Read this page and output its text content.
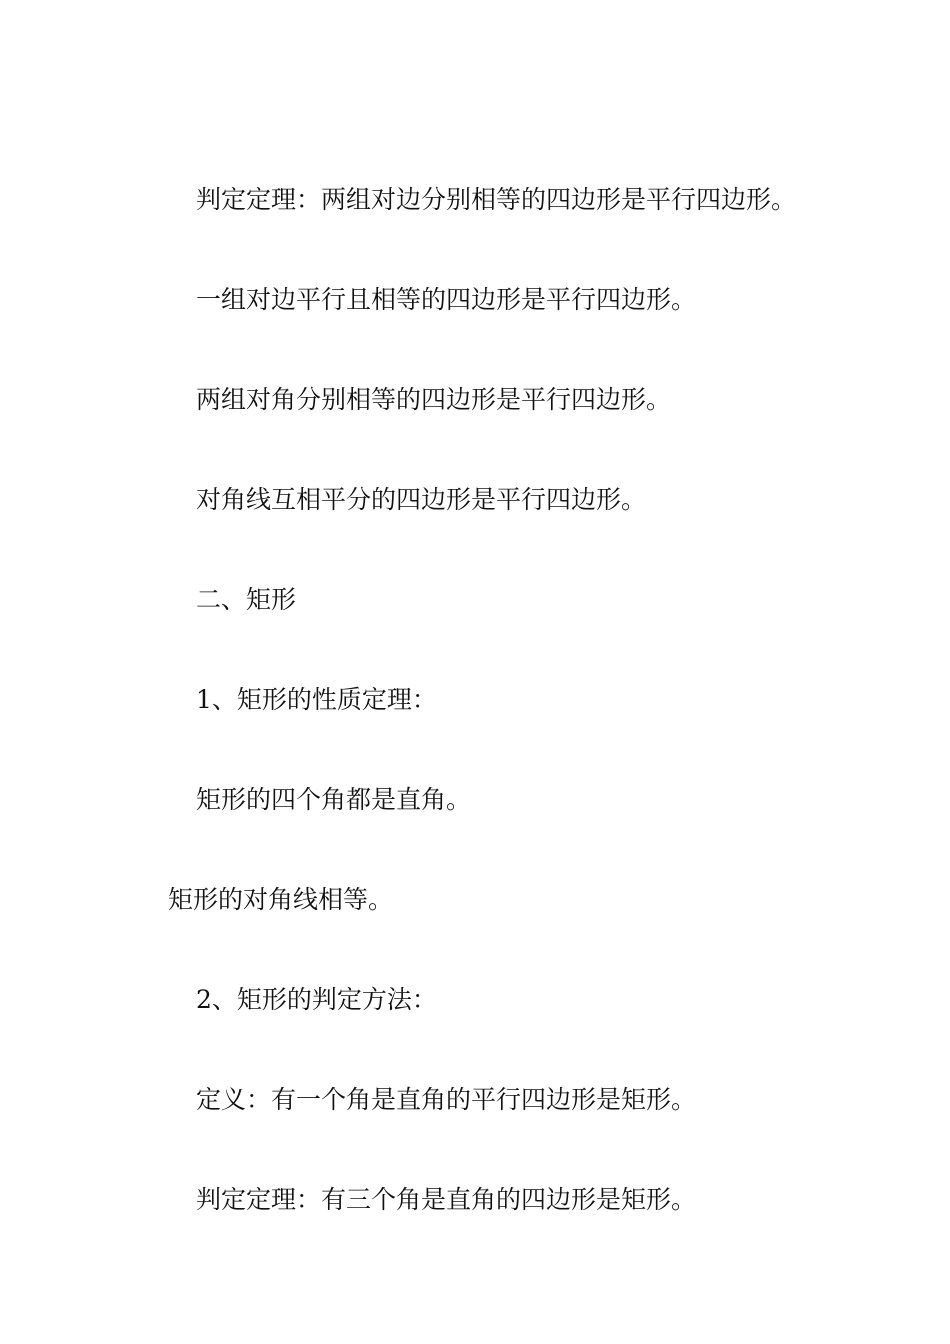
判定定理：两组对边分别相等的四边形是平行四边形。
一组对边平行且相等的四边形是平行四边形。
两组对角分别相等的四边形是平行四边形。
对角线互相平分的四边形是平行四边形。
二、矩形
1、矩形的性质定理：
矩形的四个角都是直角。
矩形的对角线相等。
2、矩形的判定方法：
定义：有一个角是直角的平行四边形是矩形。
判定定理：有三个角是直角的四边形是矩形。
